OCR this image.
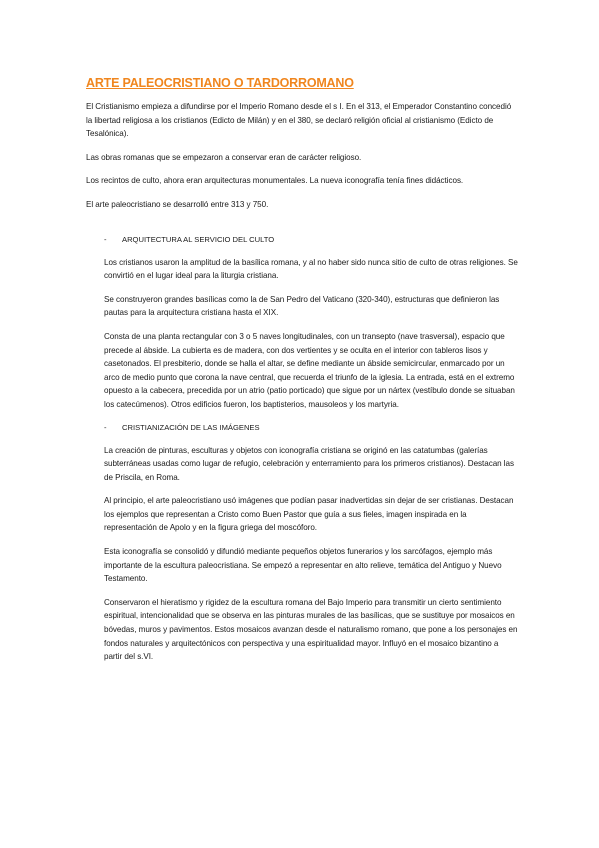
ARTE PALEOCRISTIANO O TARDORROMANO

El Cristianismo empieza a difundirse por el Imperio Romano desde el s I. En el 313, el Emperador Constantino concedió la libertad religiosa a los cristianos (Edicto de Milán) y en el 380, se declaró religión oficial al cristianismo (Edicto de Tesalónica).

Las obras romanas que se empezaron a conservar eran de carácter religioso.

Los recintos de culto, ahora eran arquitecturas monumentales. La nueva iconografía tenía fines didácticos.

El arte paleocristiano se desarrolló entre 313 y 750.

-	ARQUITECTURA AL SERVICIO DEL CULTO

Los cristianos usaron la amplitud de la basílica romana, y al no haber sido nunca sitio de culto de otras religiones. Se convirtió en el lugar ideal para la liturgia cristiana.

Se construyeron grandes basílicas como la de San Pedro del Vaticano (320-340), estructuras que definieron las pautas para la arquitectura cristiana hasta el XIX.

Consta de una planta rectangular con 3 o 5 naves longitudinales, con un transepto (nave trasversal), espacio que precede al ábside. La cubierta es de madera, con dos vertientes y se oculta en el interior con tableros lisos y casetonados. El presbiterio, donde se halla el altar, se define mediante un ábside semicircular, enmarcado por un arco de medio punto que corona la nave central, que recuerda el triunfo de la iglesia. La entrada, está en el extremo opuesto a la cabecera, precedida por un atrio (patio porticado) que sigue por un nártex (vestíbulo donde se situaban los catecúmenos). Otros edificios fueron, los baptisterios, mausoleos y los martyria.

-	CRISTIANIZACIÓN DE LAS IMÁGENES

La creación de pinturas, esculturas y objetos con iconografía cristiana se originó en las catatumbas (galerías subterráneas usadas como lugar de refugio, celebración y enterramiento para los primeros cristianos). Destacan las de Priscila, en Roma.

Al principio, el arte paleocristiano usó imágenes que podían pasar inadvertidas sin dejar de ser cristianas. Destacan los ejemplos que representan a Cristo como Buen Pastor que guía a sus fieles, imagen inspirada en la representación de Apolo y en la figura griega del moscóforo.

Esta iconografía se consolidó y difundió mediante pequeños objetos funerarios y los sarcófagos, ejemplo más importante de la escultura paleocristiana. Se empezó a representar en alto relieve, temática del Antiguo y Nuevo Testamento.

Conservaron el hieratismo y rigidez de la escultura romana del Bajo Imperio para transmitir un cierto sentimiento espiritual, intencionalidad que se observa en las pinturas murales de las basílicas, que se sustituye por mosaicos en bóvedas, muros y pavimentos. Estos mosaicos avanzan desde el naturalismo romano, que pone a los personajes en fondos naturales y arquitectónicos con perspectiva y una espiritualidad mayor. Influyó en el mosaico bizantino a partir del s.VI.
